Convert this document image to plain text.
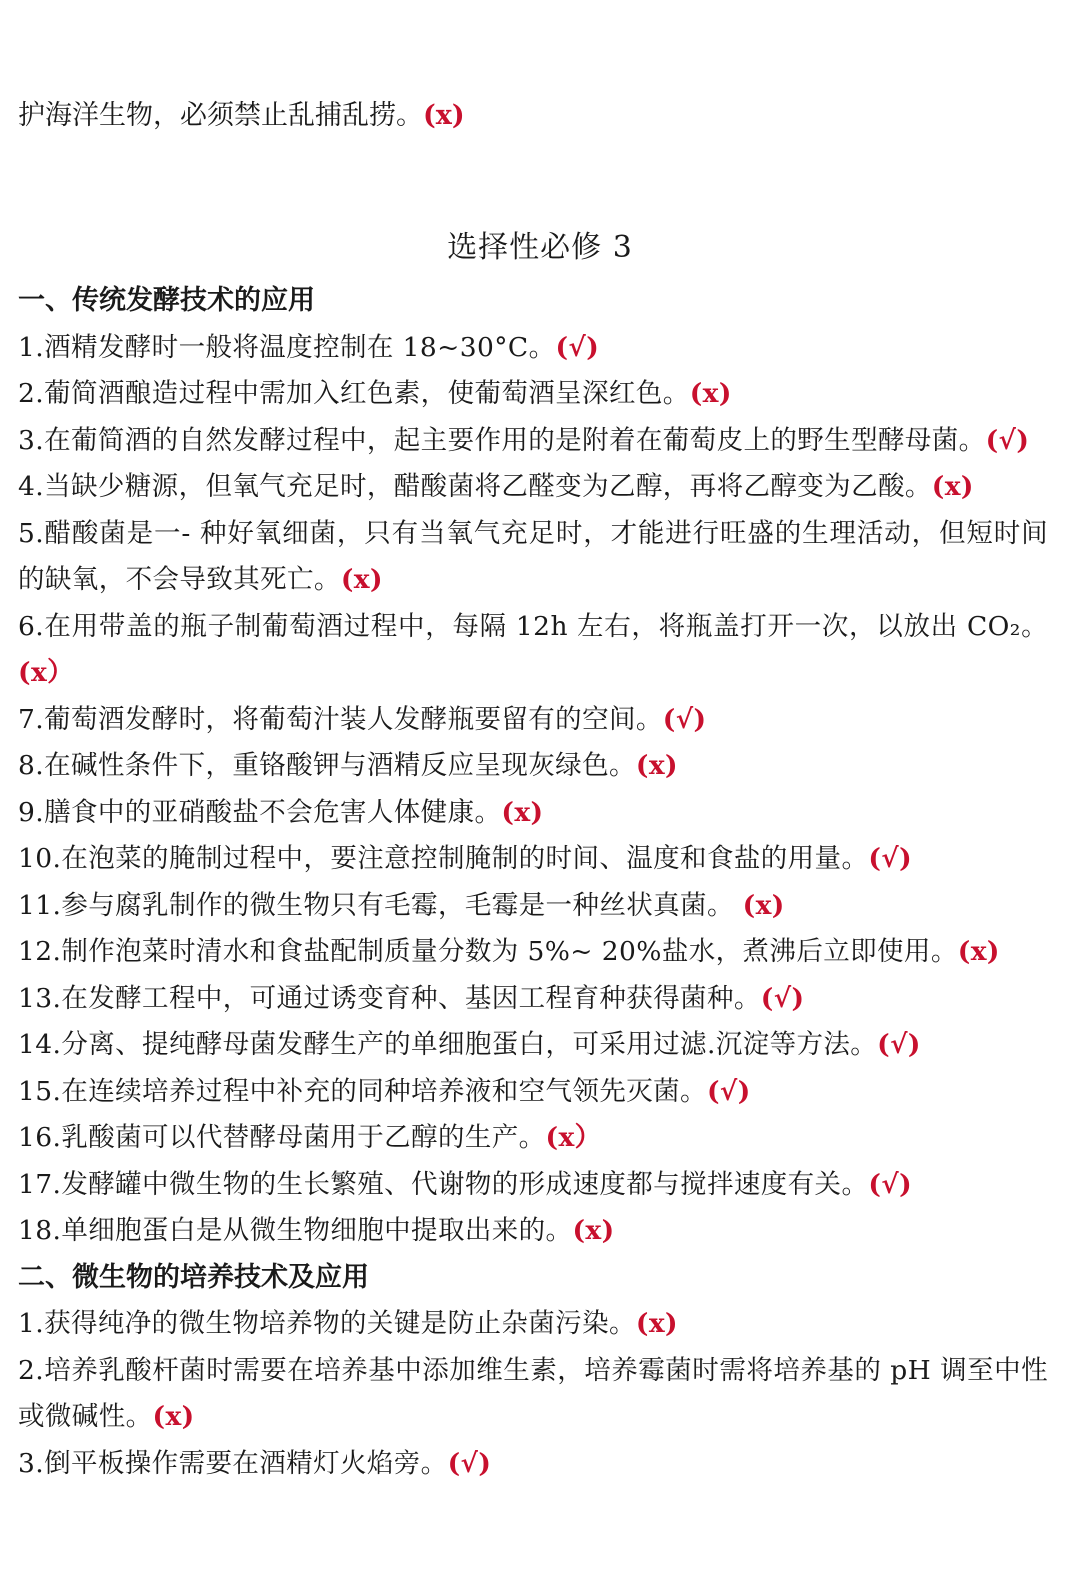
护海洋生物，必须禁止乱捕乱捞。(x)
选择性必修 3
一、传统发酵技术的应用
1.酒精发酵时一般将温度控制在 18~30°C。(√)
2.葡简酒酿造过程中需加入红色素，使葡萄酒呈深红色。(x)
3.在葡简酒的自然发酵过程中，起主要作用的是附着在葡萄皮上的野生型酵母菌。(√)
4.当缺少糖源，但氧气充足时，醋酸菌将乙醛变为乙醇，再将乙醇变为乙酸。(x)
5.醋酸菌是一- 种好氧细菌，只有当氧气充足时，才能进行旺盛的生理活动，但短时间的缺氧，不会导致其死亡。(x)
6.在用带盖的瓶子制葡萄酒过程中，每隔 12h 左右，将瓶盖打开一次，以放出 CO₂。(x）
7.葡萄酒发酵时，将葡萄汁装人发酵瓶要留有的空间。(√)
8.在碱性条件下，重铬酸钾与酒精反应呈现灰绿色。(x)
9.膳食中的亚硝酸盐不会危害人体健康。(x)
10.在泡菜的腌制过程中，要注意控制腌制的时间、温度和食盐的用量。(√)
11.参与腐乳制作的微生物只有毛霉，毛霉是一种丝状真菌。 (x)
12.制作泡菜时清水和食盐配制质量分数为 5%~ 20%盐水，煮沸后立即使用。(x)
13.在发酵工程中，可通过诱变育种、基因工程育种获得菌种。(√)
14.分离、提纯酵母菌发酵生产的单细胞蛋白，可采用过滤.沉淀等方法。(√)
15.在连续培养过程中补充的同种培养液和空气领先灭菌。(√)
16.乳酸菌可以代替酵母菌用于乙醇的生产。(x）
17.发酵罐中微生物的生长繁殖、代谢物的形成速度都与搅拌速度有关。(√)
18.单细胞蛋白是从微生物细胞中提取出来的。(x)
二、微生物的培养技术及应用
1.获得纯净的微生物培养物的关键是防止杂菌污染。(x)
2.培养乳酸杆菌时需要在培养基中添加维生素，培养霉菌时需将培养基的 pH 调至中性或微碱性。(x)
3.倒平板操作需要在酒精灯火焰旁。(√)
